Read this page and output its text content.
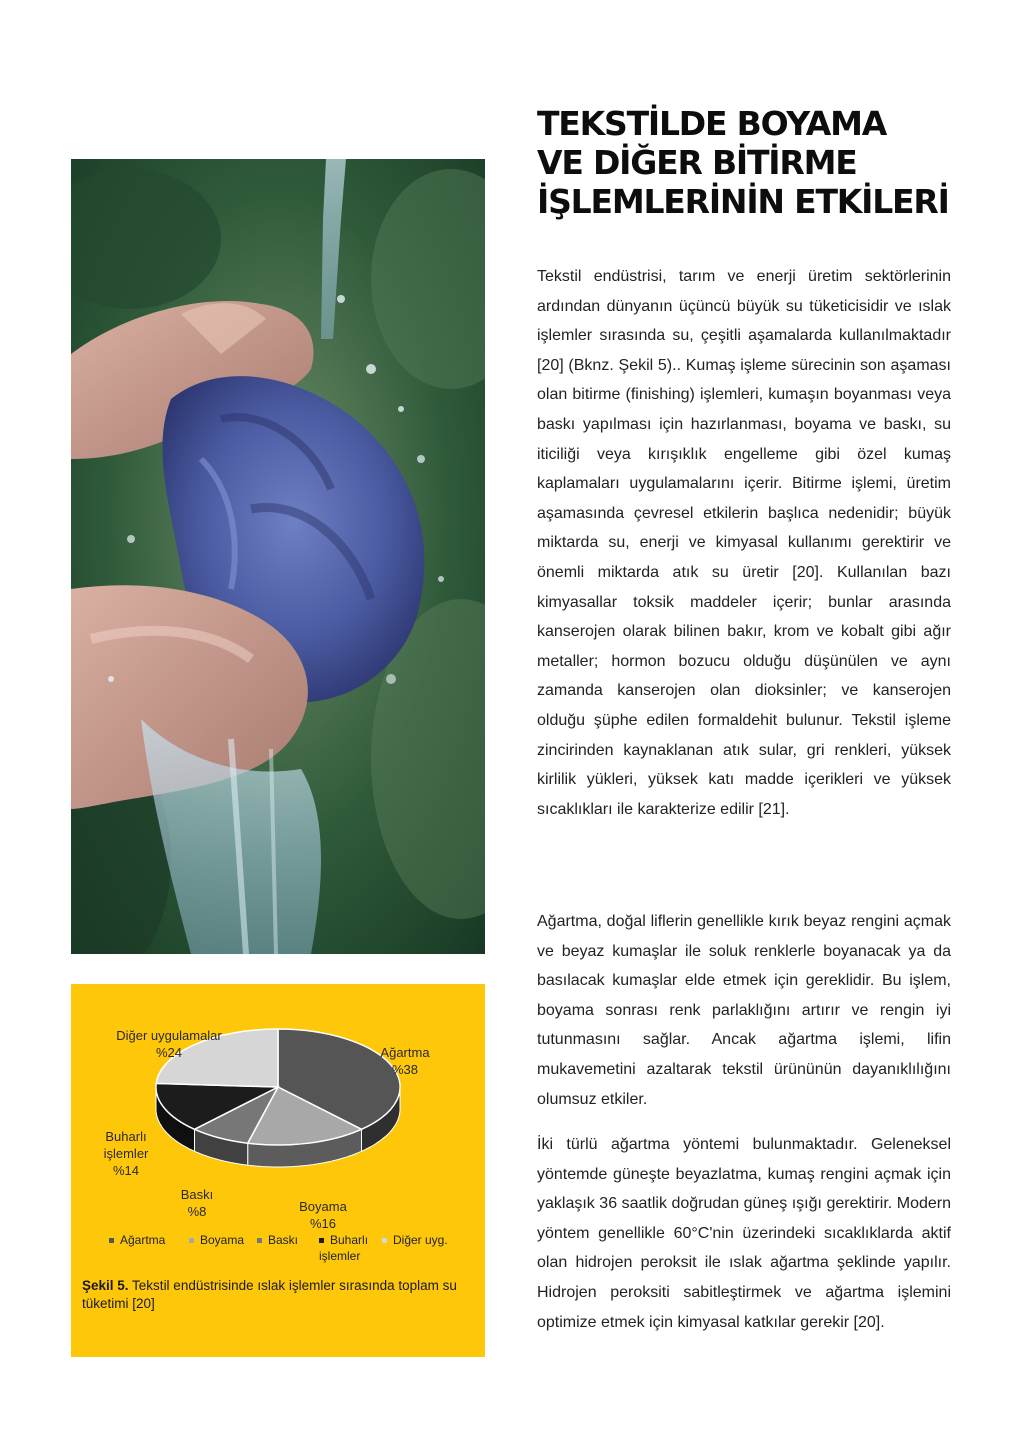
Diğer uygulamalar
%24	Ağartma
%38
Buharlı işlemler
%14
Baskı
%8	Boyama
%16
Ağartma	Boyama	Baskı	Buharlı işlemler
Diğer uyg.
Şekil 5. Tekstil endüstrisinde ıslak işlemler sırasında toplam su tüketimi [20]
TEKSTİLDE BOYAMA
VE DİĞER BİTİRME
İŞLEMLERİNİN ETKİLERİ

Tekstil endüstrisi, tarım ve enerji üretim sektörlerinin ardından dünyanın üçüncü büyük su tüketicisidir ve ıslak işlemler sırasında su, çeşitli aşamalarda kullanılmaktadır [20] (Bknz. Şekil 5).. Kumaş işleme sürecinin son aşaması olan bitirme (finishing) işlemleri, kumaşın boyanması veya baskı yapılması için hazırlanması, boyama ve baskı, su iticiliği veya kırışıklık engelleme gibi özel kumaş kaplamaları uygulamalarını içerir. Bitirme işlemi, üretim aşamasında çevresel etkilerin başlıca nedenidir; büyük miktarda su, enerji ve kimyasal kullanımı gerektirir ve önemli miktarda atık su üretir [20]. Kullanılan bazı kimyasallar toksik maddeler içerir; bunlar arasında kanserojen olarak bilinen bakır, krom ve kobalt gibi ağır metaller; hormon bozucu olduğu düşünülen ve aynı zamanda kanserojen olan dioksinler; ve kanserojen olduğu şüphe edilen formaldehit bulunur. Tekstil işleme zincirinden kaynaklanan atık sular, gri renkleri, yüksek kirlilik yükleri, yüksek katı madde içerikleri ve yüksek sıcaklıkları ile karakterize edilir [21].

Ağartma, doğal liflerin genellikle kırık beyaz rengini açmak ve beyaz kumaşlar ile soluk renklerle boyanacak ya da basılacak kumaşlar elde etmek için gereklidir. Bu işlem, boyama sonrası renk parlaklığını artırır ve rengin iyi tutunmasını sağlar. Ancak ağartma işlemi, lifin mukavemetini azaltarak tekstil ürününün dayanıklılığını olumsuz etkiler.

İki türlü ağartma yöntemi bulunmaktadır. Geleneksel yöntemde güneşte beyazlatma, kumaş rengini açmak için yaklaşık 36 saatlik doğrudan güneş ışığı gerektirir. Modern yöntem genellikle 60°C'nin üzerindeki sıcaklıklarda aktif olan hidrojen peroksit ile ıslak ağartma şeklinde yapılır. Hidrojen peroksiti sabitleştirmek ve ağartma işlemini optimize etmek için kimyasal katkılar gerekir [20].
